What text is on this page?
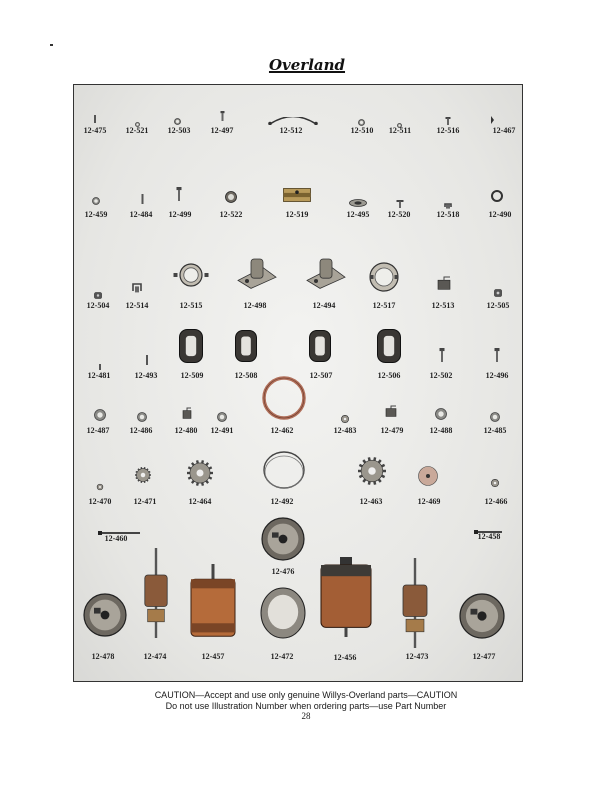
Overland
12-475 12-521 12-503	12-497	12-512	12-510 12-511	12-516	12-467
12-459	12-484 12-499	12-522	12-519	12-495 12-520	12-518	12-490
12-504 12-514	12-515	12-498	12-494	12-517	12-513	12-505
12-481	12-493	12-509	12-508	12-507	12-506	12-502	12-496
12-487	12-486	12-480 12-491	12-462	12-483	12-479	12-488	12-485
12-470	12-471	12-464	12-492	12-463	12-469	12-466
12-460	12-458
12-476
12-478	12-474	12-457	12-472	12-456	12-473	12-477
CAUTION—Accept and use only genuine Willys-Overland parts—CAUTION
Do not use Illustration Number when ordering parts—use Part Number
28
